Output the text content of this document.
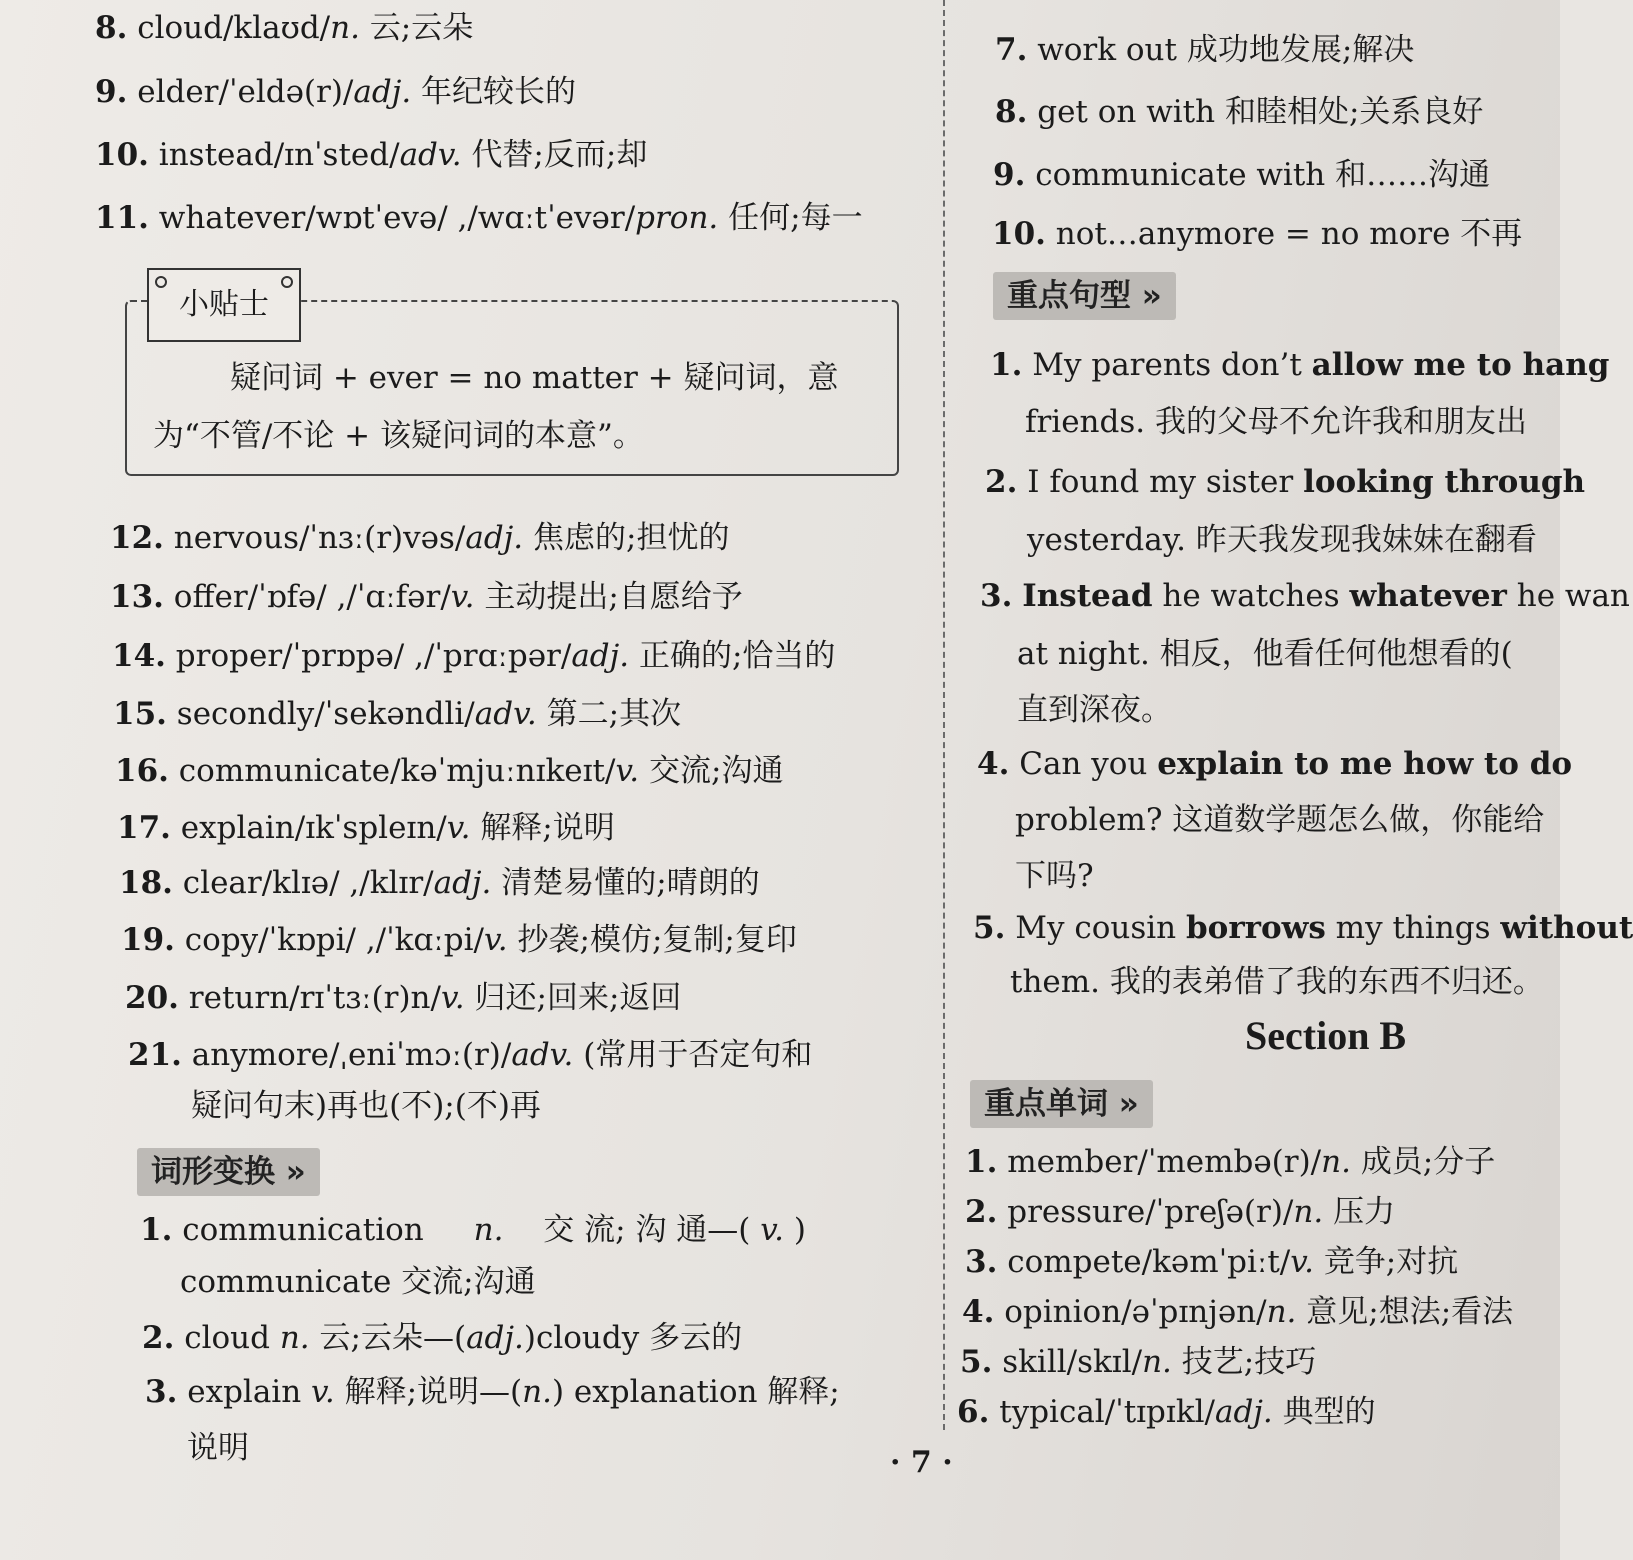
8. cloud/klaʊd/n. 云;云朵
9. elder/ˈeldə(r)/adj. 年纪较长的
10. instead/ɪnˈsted/adv. 代替;反而;却
11. whatever/wɒtˈevə/ ,/wɑːtˈevər/pron. 任何;每一
小贴士
疑问词 + ever = no matter + 疑问词，意
为“不管/不论 + 该疑问词的本意”。
12. nervous/ˈnɜː(r)vəs/adj. 焦虑的;担忧的
13. offer/ˈɒfə/ ,/ˈɑːfər/v. 主动提出;自愿给予
14. proper/ˈprɒpə/ ,/ˈprɑːpər/adj. 正确的;恰当的
15. secondly/ˈsekəndli/adv. 第二;其次
16. communicate/kəˈmjuːnɪkeɪt/v. 交流;沟通
17. explain/ɪkˈspleɪn/v. 解释;说明
18. clear/klɪə/ ,/klɪr/adj. 清楚易懂的;晴朗的
19. copy/ˈkɒpi/ ,/ˈkɑːpi/v. 抄袭;模仿;复制;复印
20. return/rɪˈtɜː(r)n/v. 归还;回来;返回
21. anymore/ˌeniˈmɔː(r)/adv. (常用于否定句和
疑问句末)再也(不);(不)再
词形变换 »
1. communication n. 交 流; 沟 通—( v. )
communicate 交流;沟通
2. cloud n. 云;云朵—(adj.)cloudy 多云的
3. explain v. 解释;说明—(n.) explanation 解释;
说明
7. work out 成功地发展;解决
8. get on with 和睦相处;关系良好
9. communicate with 和……沟通
10. not…anymore = no more 不再
重点句型 »
1. My parents don’t allow me to hang
friends. 我的父母不允许我和朋友出
2. I found my sister looking through
yesterday. 昨天我发现我妹妹在翻看
3. Instead he watches whatever he wan
at night. 相反，他看任何他想看的(
直到深夜。
4. Can you explain to me how to do
problem? 这道数学题怎么做，你能给
下吗?
5. My cousin borrows my things without
them. 我的表弟借了我的东西不归还。
Section B
重点单词 »
1. member/ˈmembə(r)/n. 成员;分子
2. pressure/ˈpreʃə(r)/n. 压力
3. compete/kəmˈpiːt/v. 竞争;对抗
4. opinion/əˈpɪnjən/n. 意见;想法;看法
5. skill/skɪl/n. 技艺;技巧
6. typical/ˈtɪpɪkl/adj. 典型的
· 7 ·
